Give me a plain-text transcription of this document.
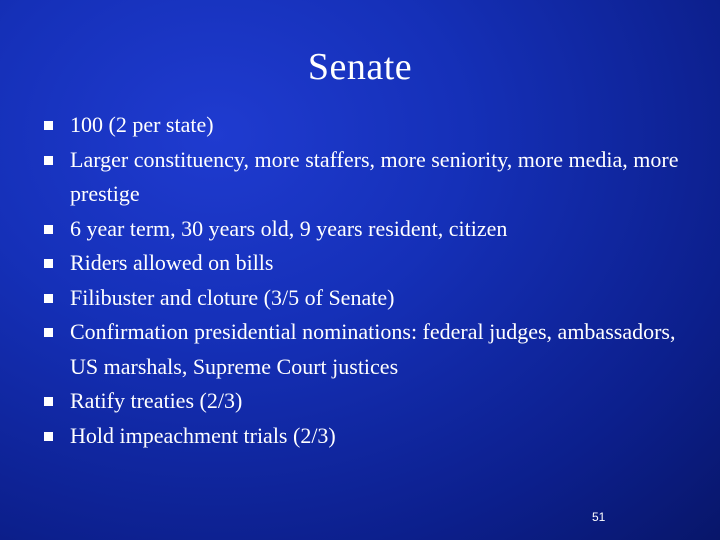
Senate
100 (2 per state)
Larger constituency, more staffers, more seniority, more media, more prestige
6 year term, 30 years old, 9 years resident, citizen
Riders allowed on bills
Filibuster and cloture (3/5 of Senate)
Confirmation presidential nominations: federal judges, ambassadors, US marshals, Supreme Court justices
Ratify treaties (2/3)
Hold impeachment trials (2/3)
51
